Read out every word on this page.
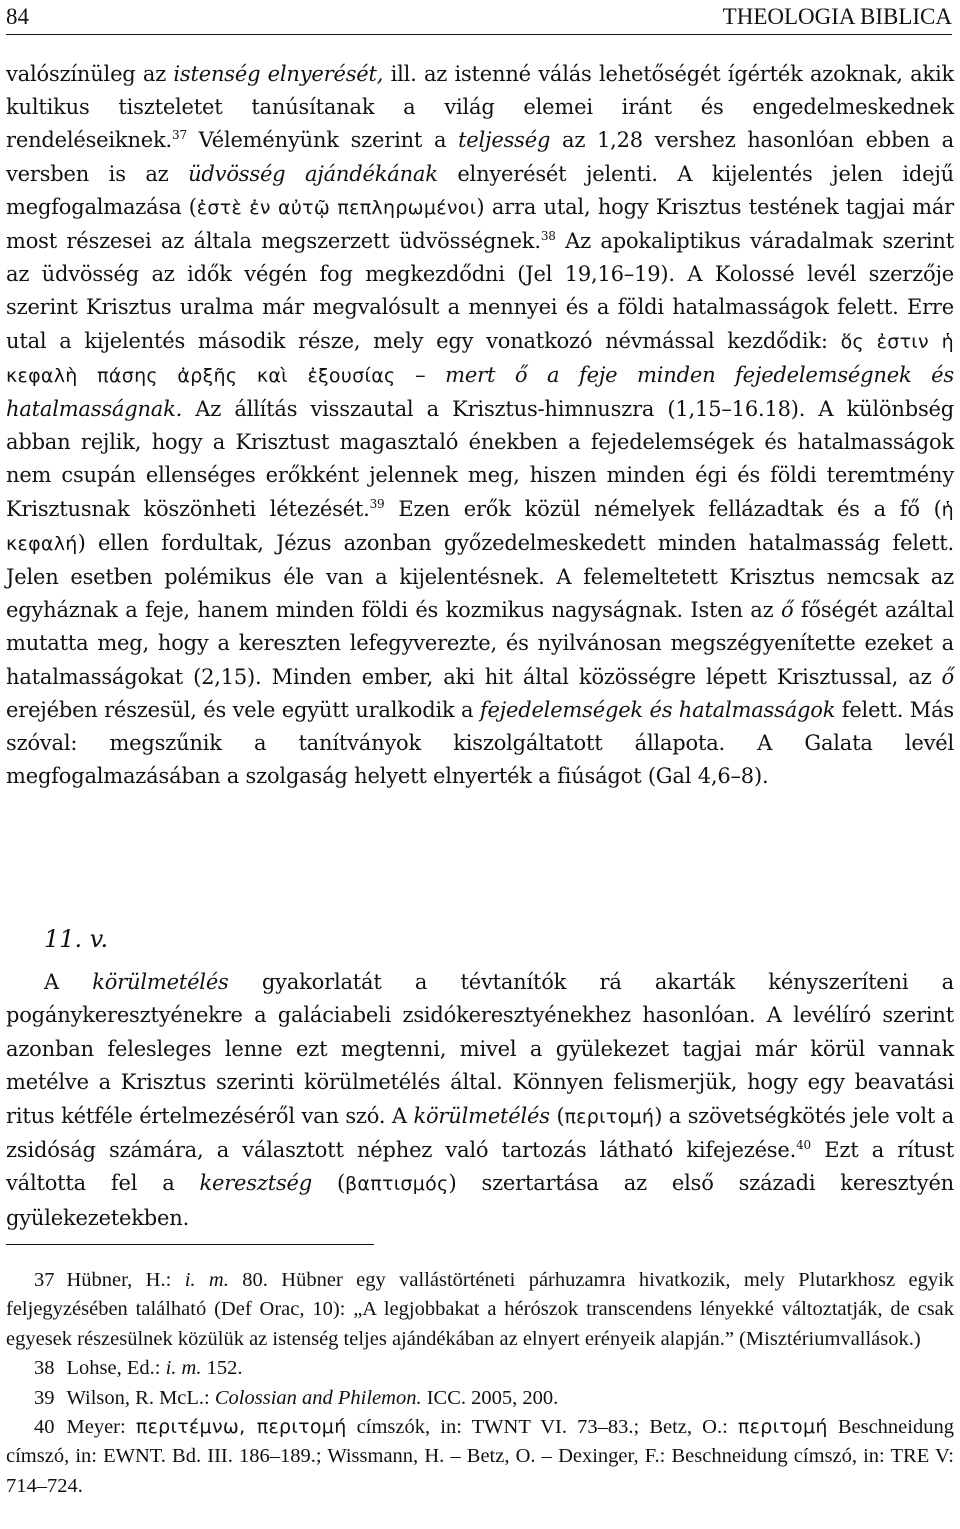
84	THEOLOGIA BIBLICA

valószínüleg az istenség elnyerését, ill. az istenné válás lehetőségét ígérték azoknak, akik kultikus tiszteletet tanúsítanak a világ elemei iránt és engedelmeskednek rendeléseiknek.$^{37}$ Véleményünk szerint a teljesség az 1,28 vershez hasonlóan ebben a versben is az üdvösség ajándékának elnyerését jelenti. A kijelentés jelen idejű megfogalmazása (ἐστὲ ἐν αὐτῷ πεπληρωμένοι) arra utal, hogy Krisztus testének tagjai már most részesei az általa megszerzett üdvösségnek.$^{38}$ Az apokaliptikus váradalmak szerint az üdvösség az idők végén fog megkezdődni (Jel 19,16–19). A Kolossé levél szerzője szerint Krisztus uralma már megvalósult a mennyei és a földi hatalmasságok felett. Erre utal a kijelentés második része, mely egy vonatkozó névmással kezdődik: ὅς ἐστιν ἡ κεφαλὴ πάσης ἀρξῆς καὶ ἐξουσίας – mert ő a feje minden fejedelemségnek és hatalmasságnak. Az állítás visszautal a Krisztus-himnuszra (1,15–16.18). A különbség abban rejlik, hogy a Krisztust magasztaló énekben a fejedelemségek és hatalmasságok nem csupán ellenséges erőkként jelennek meg, hiszen minden égi és földi teremtmény Krisztusnak köszönheti létezését.$^{39}$ Ezen erők közül némelyek fellázadtak és a fő (ἡ κεφαλή) ellen fordultak, Jézus azonban győzedelmeskedett minden hatalmasság felett. Jelen esetben polémikus éle van a kijelentésnek. A felemeltetett Krisztus nemcsak az egyháznak a feje, hanem minden földi és kozmikus nagyságnak. Isten az ő főségét azáltal mutatta meg, hogy a kereszten lefegyverezte, és nyilvánosan megszégyenítette ezeket a hatalmasságokat (2,15). Minden ember, aki hit által közösségre lépett Krisztussal, az ő erejében részesül, és vele együtt uralkodik a fejedelemségek és hatalmasságok felett. Más szóval: megszűnik a tanítványok kiszolgáltatott állapota. A Galata levél megfogalmazásában a szolgaság helyett elnyerték a fiúságot (Gal 4,6–8).

11. v.

A körülmetélés gyakorlatát a tévtanítók rá akarták kényszeríteni a pogánykeresztyénekre a galáciabeli zsidókeresztyénekhez hasonlóan. A levélíró szerint azonban felesleges lenne ezt megtenni, mivel a gyülekezet tagjai már körül vannak metélve a Krisztus szerinti körülmetélés által. Könnyen felismerjük, hogy egy beavatási ritus kétféle értelmezéséről van szó. A körülmetélés (περιτομή) a szövetségkötés jele volt a zsidóság számára, a választott néphez való tartozás látható kifejezése.$^{40}$ Ezt a rítust váltotta fel a keresztség (βαπτισμός) szertartása az első századi keresztyén gyülekezetekben.

37 Hübner, H.: i. m. 80. Hübner egy vallástörténeti párhuzamra hivatkozik, mely Plutarkhosz egyik feljegyzésében található (Def Orac, 10): „A legjobbakat a hérószok transcendens lényekké változtatják, de csak egyesek részesülnek közülük az istenség teljes ajándékában az elnyert erényeik alapján.” (Misztériumvallások.)

38 Lohse, Ed.: i. m. 152.

39 Wilson, R. McL.: Colossian and Philemon. ICC. 2005, 200.

40 Meyer: περιτέμνω, περιτομή címszók, in: TWNT VI. 73–83.; Betz, O.: περιτομή Beschneidung címszó, in: EWNT. Bd. III. 186–189.; Wissmann, H. – Betz, O. – Dexinger, F.: Beschneidung címszó, in: TRE V: 714–724.
